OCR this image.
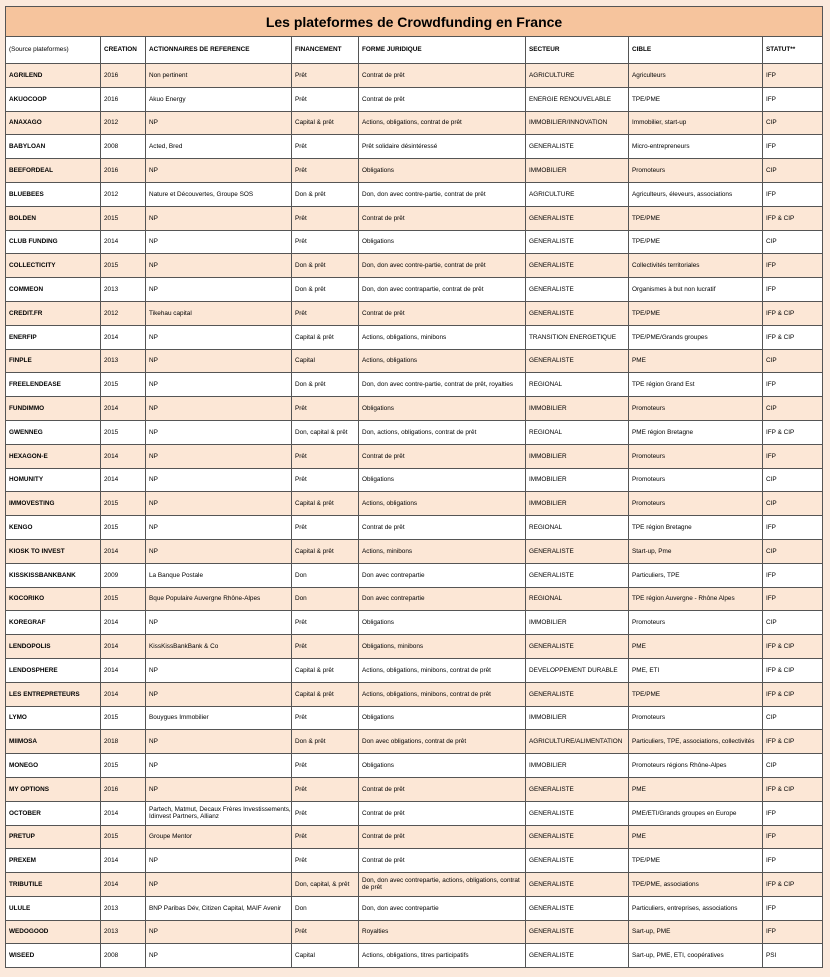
Les plateformes de Crowdfunding en France							
(Source plateformes)	CREATION	ACTIONNAIRES DE REFERENCE	FINANCEMENT	FORME JURIDIQUE	SECTEUR	CIBLE	STATUT**
AGRILEND	2016	Non pertinent	Prêt	Contrat de prêt	AGRICULTURE	Agriculteurs	IFP
AKUOCOOP	2016	Akuo Energy	Prêt	Contrat de prêt	ENERGIE RENOUVELABLE	TPE/PME	IFP
ANAXAGO	2012	NP	Capital & prêt	Actions, obligations, contrat de prêt	IMMOBILIER/INNOVATION	Immobilier, start-up	CIP
BABYLOAN	2008	Acted, Bred	Prêt	Prêt solidaire désintéressé	GENERALISTE	Micro-entrepreneurs	IFP
BEEFORDEAL	2016	NP	Prêt	Obligations	IMMOBILIER	Promoteurs	CIP
BLUEBEES	2012	Nature et Découvertes, Groupe SOS	Don & prêt	Don, don avec contre-partie, contrat de prêt	AGRICULTURE	Agriculteurs, éleveurs, associations	IFP
BOLDEN	2015	NP	Prêt	Contrat de prêt	GENERALISTE	TPE/PME	IFP & CIP
CLUB FUNDING	2014	NP	Prêt	Obligations	GENERALISTE	TPE/PME	CIP
COLLECTICITY	2015	NP	Don & prêt	Don, don avec contre-partie, contrat de prêt	GENERALISTE	Collectivités territoriales	IFP
COMMEON	2013	NP	Don & prêt	Don, don avec contrapartie, contrat de prêt	GENERALISTE	Organismes à but non lucratif	IFP
CREDIT.FR	2012	Tikehau capital	Prêt	Contrat de prêt	GENERALISTE	TPE/PME	IFP & CIP
ENERFIP	2014	NP	Capital & prêt	Actions, obligations, minibons	TRANSITION ENERGETIQUE	TPE/PME/Grands groupes	IFP & CIP
FINPLE	2013	NP	Capital	Actions, obligations	GENERALISTE	PME	CIP
FREELENDEASE	2015	NP	Don & prêt	Don, don avec contre-partie, contrat de prêt, royalties	REGIONAL	TPE région Grand Est	IFP
FUNDIMMO	2014	NP	Prêt	Obligations	IMMOBILIER	Promoteurs	CIP
GWENNEG	2015	NP	Don, capital & prêt	Don, actions, obligations, contrat de prêt	REGIONAL	PME région Bretagne	IFP & CIP
HEXAGON-E	2014	NP	Prêt	Contrat de prêt	IMMOBILIER	Promoteurs	IFP
HOMUNITY	2014	NP	Prêt	Obligations	IMMOBILIER	Promoteurs	CIP
IMMOVESTING	2015	NP	Capital & prêt	Actions, obligations	IMMOBILIER	Promoteurs	CIP
KENGO	2015	NP	Prêt	Contrat de prêt	REGIONAL	TPE région Bretagne	IFP
KIOSK TO INVEST	2014	NP	Capital & prêt	Actions, minibons	GENERALISTE	Start-up, Pme	CIP
KISSKISSBANKBANK	2009	La Banque Postale	Don	Don avec contrepartie	GENERALISTE	Particuliers, TPE	IFP
KOCORIKO	2015	Bque Populaire Auvergne Rhône-Alpes	Don	Don avec contrepartie	REGIONAL	TPE région Auvergne - Rhône Alpes	IFP
KOREGRAF	2014	NP	Prêt	Obligations	IMMOBILIER	Promoteurs	CIP
LENDOPOLIS	2014	KissKissBankBank & Co	Prêt	Obligations, minibons	GENERALISTE	PME	IFP & CIP
LENDOSPHERE	2014	NP	Capital & prêt	Actions, obligations, minibons, contrat de prêt	DEVELOPPEMENT DURABLE	PME, ETI	IFP & CIP
LES ENTREPRETEURS	2014	NP	Capital & prêt	Actions, obligations, minibons, contrat de prêt	GENERALISTE	TPE/PME	IFP & CIP
LYMO	2015	Bouygues Immobilier	Prêt	Obligations	IMMOBILIER	Promoteurs	CIP
MIIMOSA	2018	NP	Don & prêt	Don avec obligations, contrat de prêt	AGRICULTURE/ALIMENTATION	Particuliers, TPE, associations, collectivités	IFP & CIP
MONEGO	2015	NP	Prêt	Obligations	IMMOBILIER	Promoteurs régions Rhône-Alpes	CIP
MY OPTIONS	2016	NP	Prêt	Contrat de prêt	GENERALISTE	PME	IFP & CIP
OCTOBER	2014	Partech, Matmut, Decaux Frères Investissements, Idinvest Partners, Allianz	Prêt	Contrat de prêt	GENERALISTE	PME/ETI/Grands groupes en Europe	IFP
PRETUP	2015	Groupe Mentor	Prêt	Contrat de prêt	GENERALISTE	PME	IFP
PREXEM	2014	NP	Prêt	Contrat de prêt	GENERALISTE	TPE/PME	IFP
TRIBUTILE	2014	NP	Don, capital, & prêt	Don, don avec contrepartie, actions, obligations, contrat de prêt	GENERALISTE	TPE/PME, associations	IFP & CIP
ULULE	2013	BNP Paribas Dév, Citizen Capital, MAIF Avenir	Don	Don, don avec contrepartie	GENERALISTE	Particuliers, entreprises, associations	IFP
WEDOGOOD	2013	NP	Prêt	Royalties	GENERALISTE	Sart-up, PME	IFP
WISEED	2008	NP	Capital	Actions, obligations, titres participatifs	GENERALISTE	Sart-up, PME, ETI, coopératives	PSI
